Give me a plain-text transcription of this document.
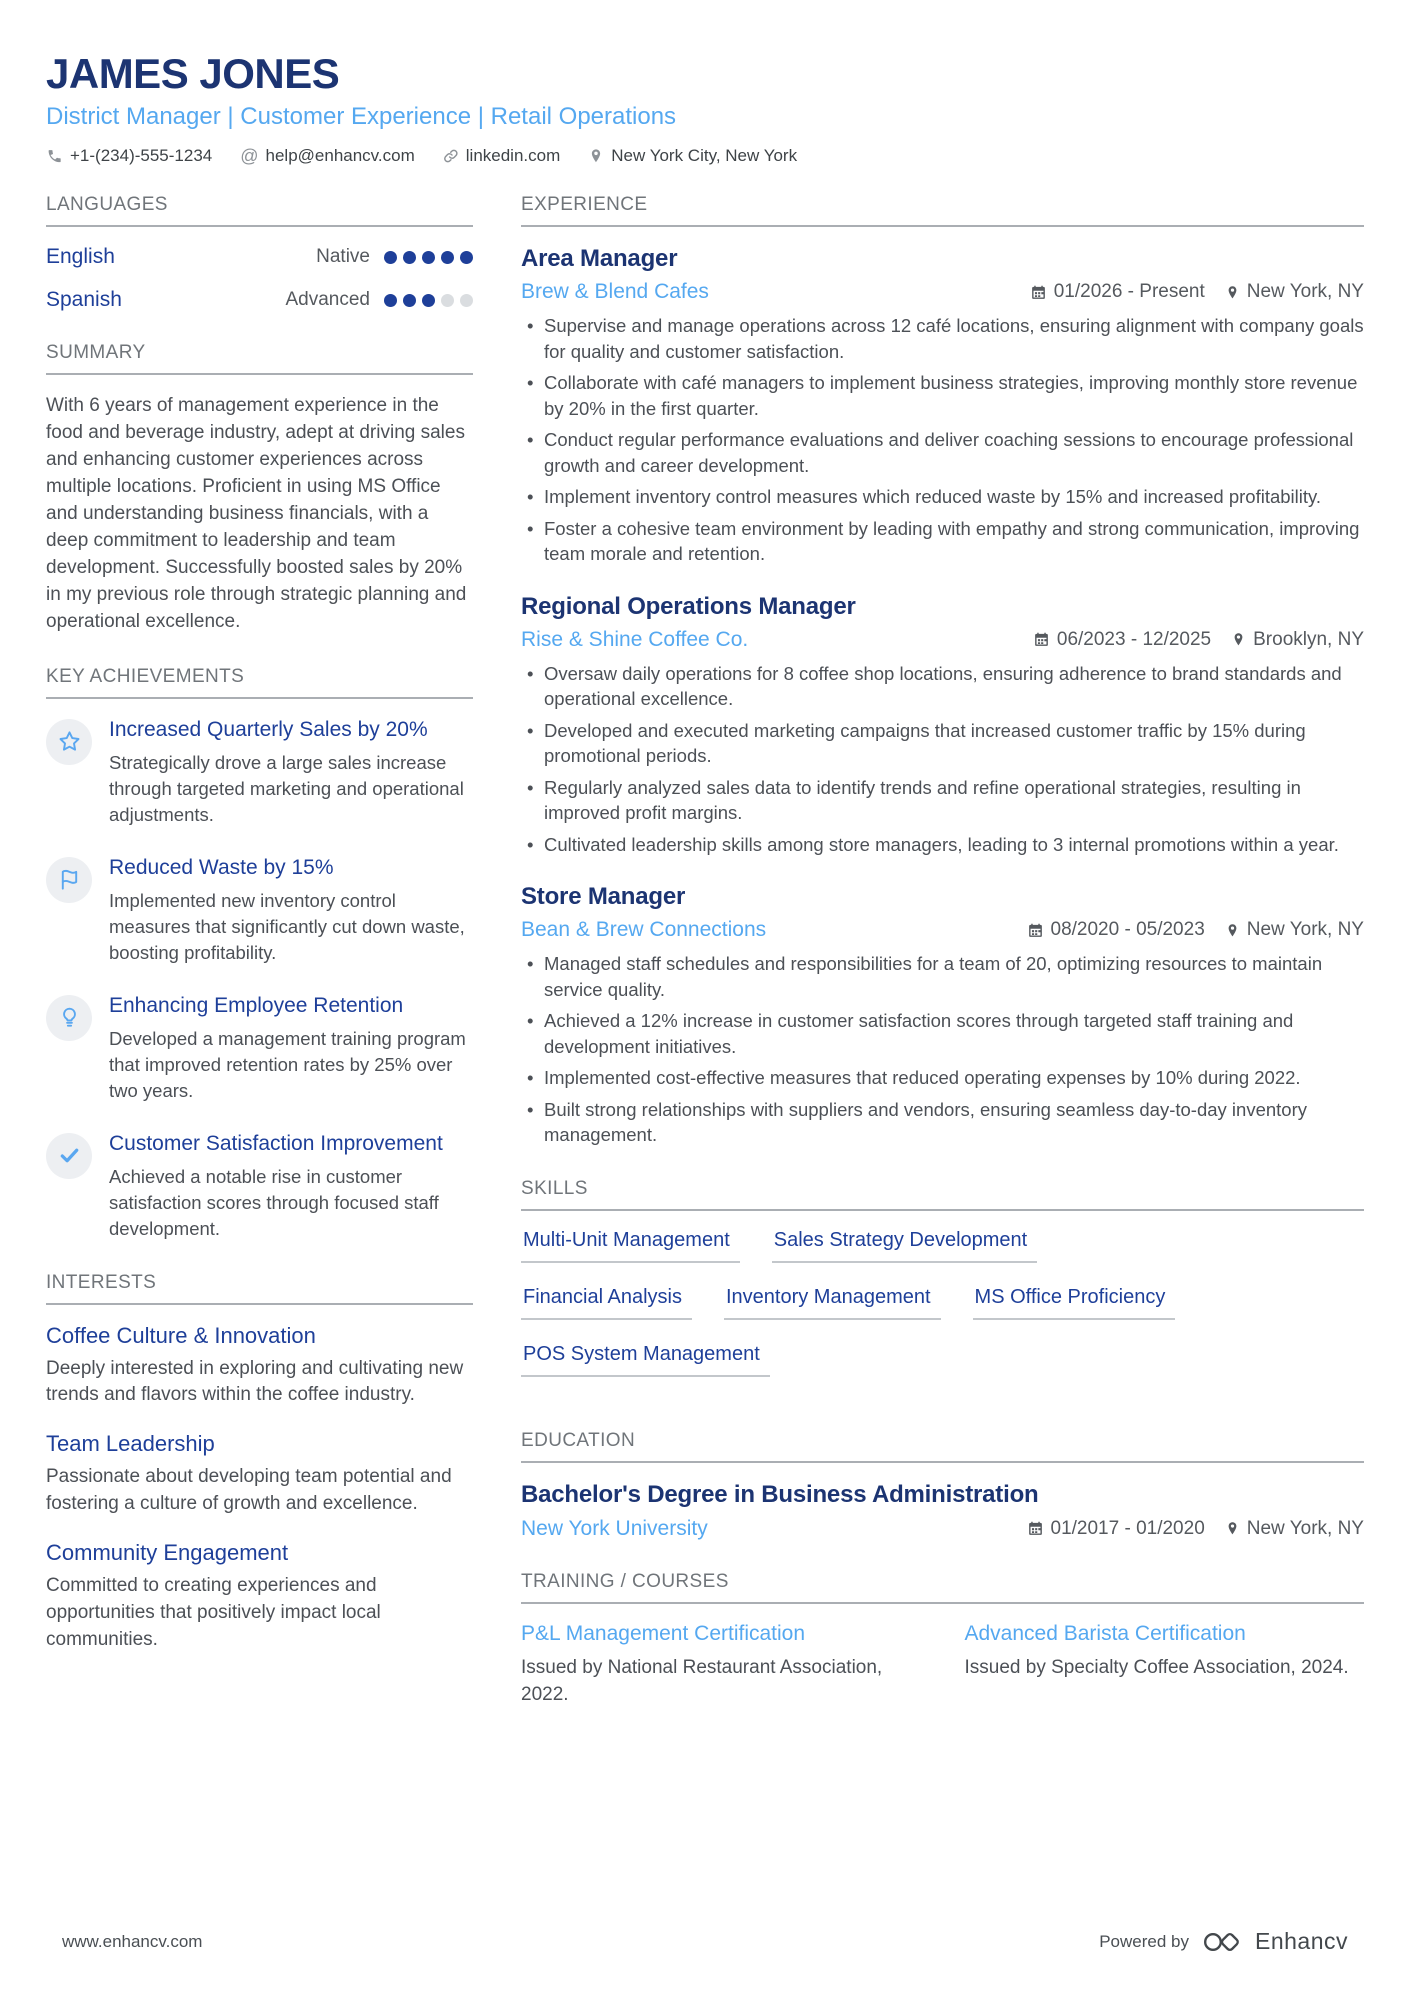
JAMES JONES
District Manager | Customer Experience | Retail Operations
+1-(234)-555-1234 @ help@enhancv.com	linkedin.com	New York City, New York
LANGUAGES
English	Native
Spanish	Advanced
SUMMARY

With 6 years of management experience in the food and beverage industry, adept at driving sales and enhancing customer experiences across multiple locations. Proficient in using MS Office and understanding business financials, with a deep commitment to leadership and team development. Successfully boosted sales by 20% in my previous role through strategic planning and operational excellence.

KEY ACHIEVEMENTS
Increased Quarterly Sales by 20%
Strategically drove a large sales increase through targeted marketing and operational adjustments.
Reduced Waste by 15%
Implemented new inventory control measures that significantly cut down waste, boosting profitability.
Enhancing Employee Retention
Developed a management training program that improved retention rates by 25% over two years.
Customer Satisfaction Improvement
Achieved a notable rise in customer satisfaction scores through focused staff development.
INTERESTS
Coffee Culture & Innovation
Deeply interested in exploring and cultivating new trends and flavors within the coffee industry.
Team Leadership
Passionate about developing team potential and fostering a culture of growth and excellence.
Community Engagement
Committed to creating experiences and opportunities that positively impact local communities.
EXPERIENCE
Area Manager
Brew & Blend Cafes	01/2026 - Present New York, NY
• Supervise and manage operations across 12 café locations, ensuring alignment with company goals for quality and customer satisfaction.
• Collaborate with café managers to implement business strategies, improving monthly store revenue by 20% in the first quarter.
• Conduct regular performance evaluations and deliver coaching sessions to encourage professional growth and career development.
• Implement inventory control measures which reduced waste by 15% and increased profitability.
• Foster a cohesive team environment by leading with empathy and strong communication, improving team morale and retention.
Regional Operations Manager
Rise & Shine Coffee Co.	06/2023 - 12/2025 Brooklyn, NY
• Oversaw daily operations for 8 coffee shop locations, ensuring adherence to brand standards and operational excellence.
• Developed and executed marketing campaigns that increased customer traffic by 15% during promotional periods.
• Regularly analyzed sales data to identify trends and refine operational strategies, resulting in improved profit margins.
• Cultivated leadership skills among store managers, leading to 3 internal promotions within a year.
Store Manager
Bean & Brew Connections	08/2020 - 05/2023 New York, NY
• Managed staff schedules and responsibilities for a team of 20, optimizing resources to maintain service quality.
• Achieved a 12% increase in customer satisfaction scores through targeted staff training and development initiatives.
• Implemented cost-effective measures that reduced operating expenses by 10% during 2022.
• Built strong relationships with suppliers and vendors, ensuring seamless day-to-day inventory management.
SKILLS
Multi-Unit Management	Sales Strategy Development
Financial Analysis	Inventory Management	MS Office Proficiency
POS System Management
EDUCATION
Bachelor's Degree in Business Administration
New York University	01/2017 - 01/2020 New York, NY
TRAINING / COURSES
P&L Management Certification
Issued by National Restaurant Association, 2022.
Advanced Barista Certification
Issued by Specialty Coffee Association, 2024.
www.enhancv.com	Powered by	Enhancv
